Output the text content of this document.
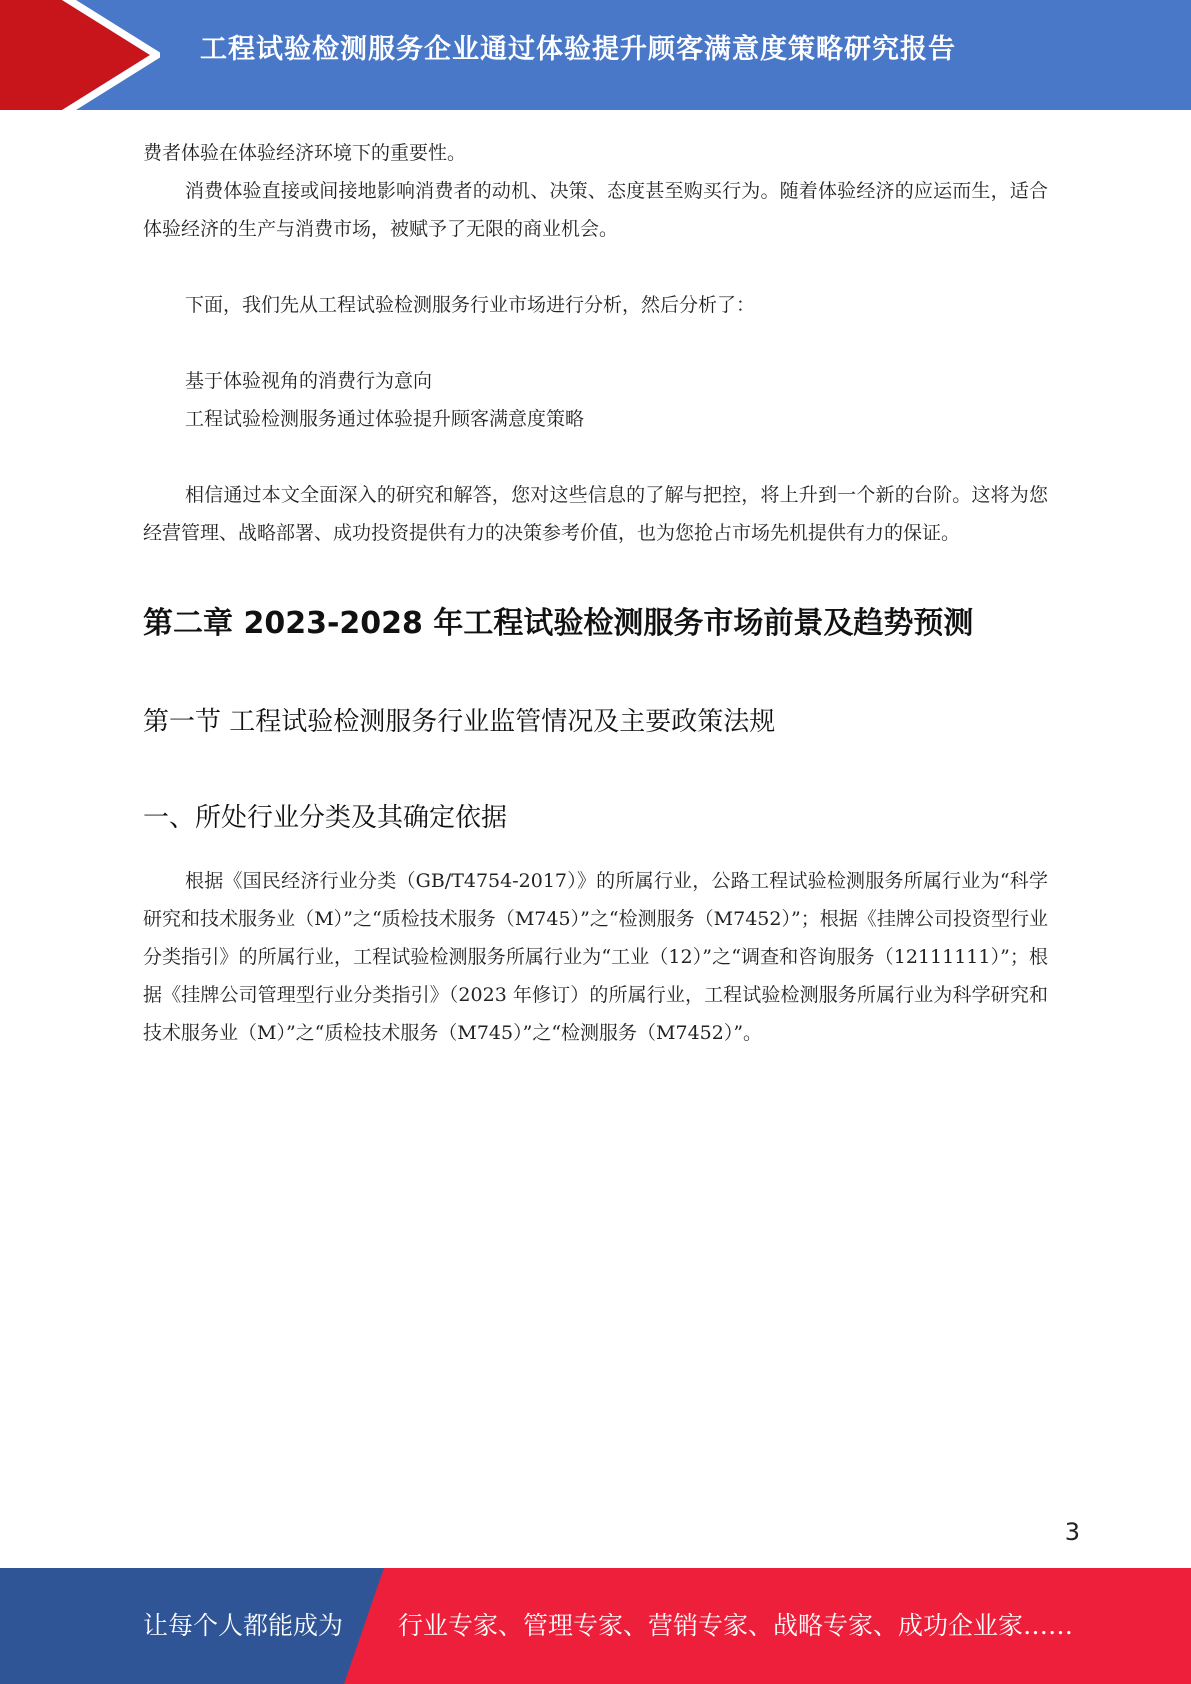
工程试验检测服务企业通过体验提升顾客满意度策略研究报告

费者体验在体验经济环境下的重要性。

消费体验直接或间接地影响消费者的动机、决策、态度甚至购买行为。随着体验经济的应运而生，适合体验经济的生产与消费市场，被赋予了无限的商业机会。

下面，我们先从工程试验检测服务行业市场进行分析，然后分析了：

基于体验视角的消费行为意向

工程试验检测服务通过体验提升顾客满意度策略

相信通过本文全面深入的研究和解答，您对这些信息的了解与把控，将上升到一个新的台阶。这将为您经营管理、战略部署、成功投资提供有力的决策参考价值，也为您抢占市场先机提供有力的保证。

第二章 2023-2028 年工程试验检测服务市场前景及趋势预测
第一节 工程试验检测服务行业监管情况及主要政策法规
一、所处行业分类及其确定依据

根据《国民经济行业分类（GB/T4754-2017）》的所属行业，公路工程试验检测服务所属行业为“科学研究和技术服务业（M）”之“质检技术服务（M745）”之“检测服务（M7452）”；根据《挂牌公司投资型行业分类指引》的所属行业，工程试验检测服务所属行业为“工业（12）”之“调查和咨询服务（12111111）”；根据《挂牌公司管理型行业分类指引》（2023 年修订）的所属行业，工程试验检测服务所属行业为科学研究和技术服务业（M）”之“质检技术服务（M745）”之“检测服务（M7452）”。

3
让每个人都能成为 行业专家、管理专家、营销专家、战略专家、成功企业家……
